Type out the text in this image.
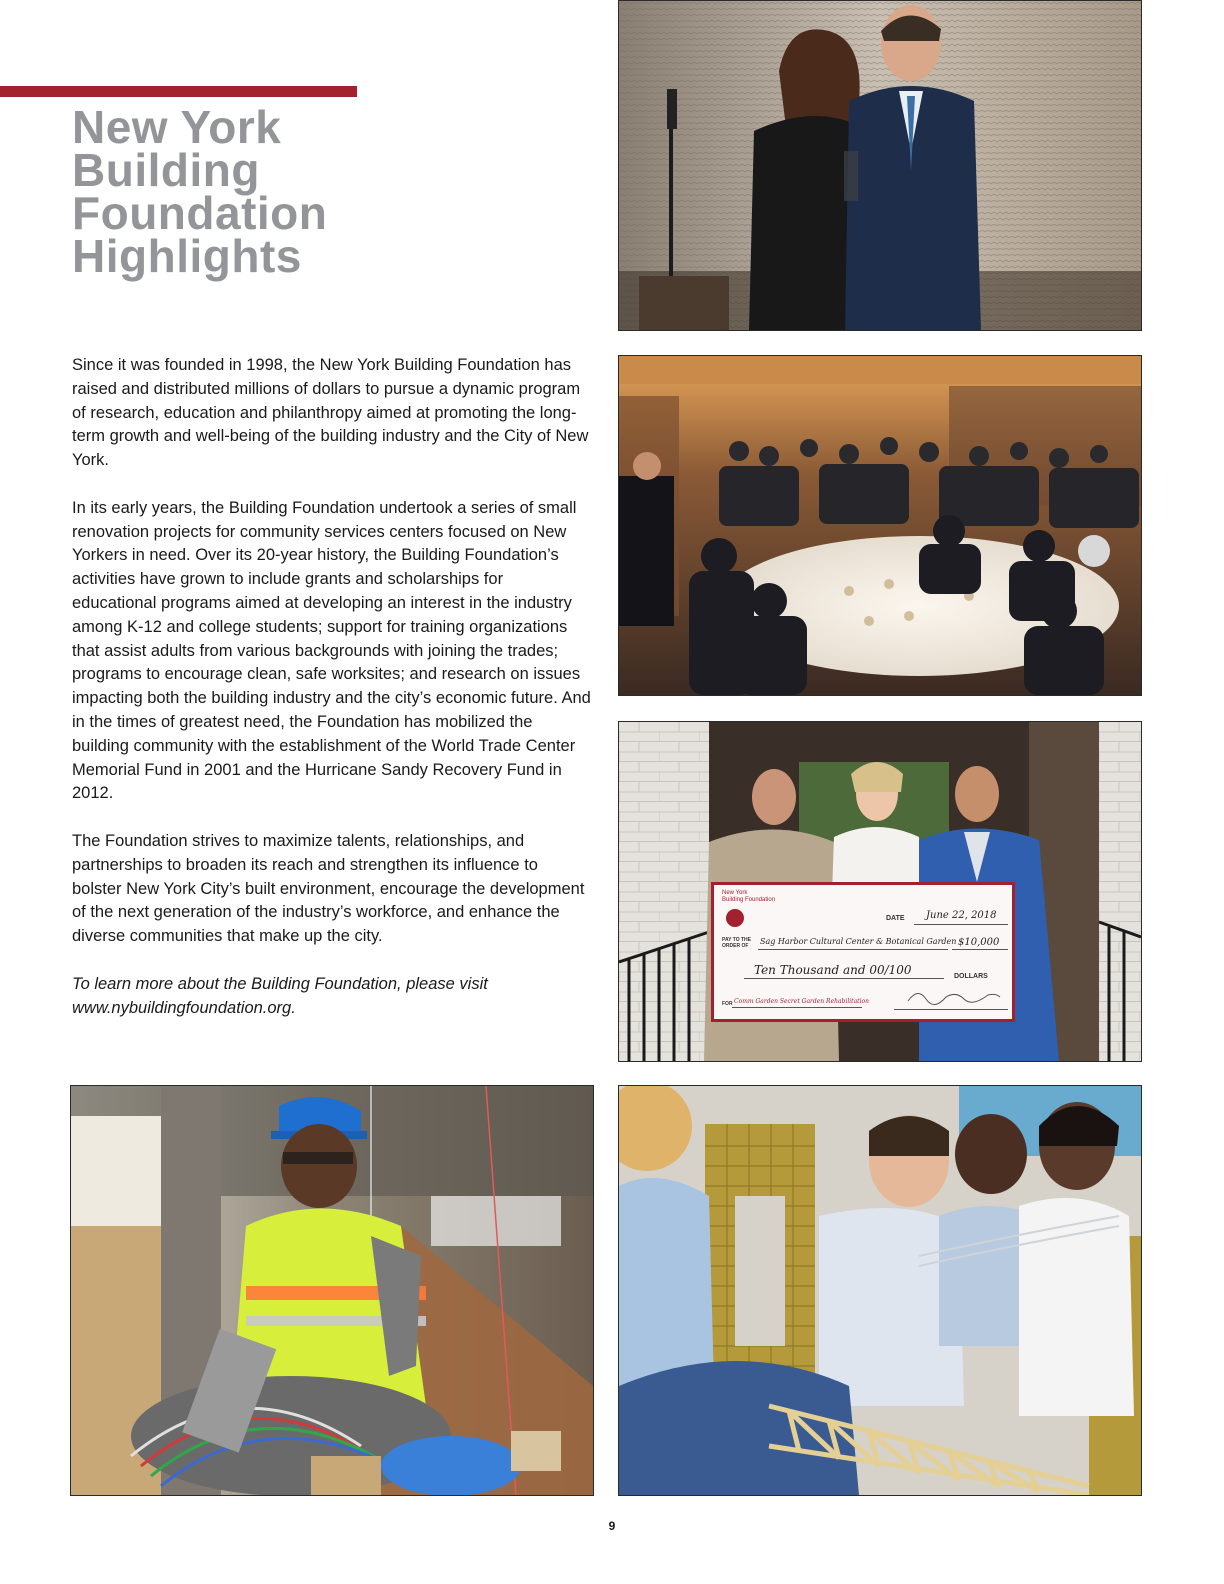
New York
Building
Foundation
Highlights

Since it was founded in 1998, the New York Building Foundation has raised and distributed millions of dollars to pursue a dynamic program of research, education and philanthropy aimed at promoting the long-term growth and well-being of the building industry and the City of New York.

In its early years, the Building Foundation undertook a series of small renovation projects for community services centers focused on New Yorkers in need. Over its 20-year history, the Building Foundation’s activities have grown to include grants and scholarships for educational programs aimed at developing an interest in the industry among K-12 and college students; support for training organizations that assist adults from various backgrounds with joining the trades; programs to encourage clean, safe worksites; and research on issues impacting both the building industry and the city’s economic future. And in the times of greatest need, the Foundation has mobilized the building community with the establishment of the World Trade Center Memorial Fund in 2001 and the Hurricane Sandy Recovery Fund in 2012.

The Foundation strives to maximize talents, relationships, and partnerships to broaden its reach and strengthen its influence to bolster New York City’s built environment, encourage the development of the next generation of the industry’s workforce, and enhance the diverse communities that make up the city.

To learn more about the Building Foundation, please visit www.nybuildingfoundation.org.

New York
Building Foundation
DATE June 22, 2018
PAY TO THE
ORDER OF	Sag Harbor Cultural Center & Botanical Garden $10,000
Ten Thousand and 00/100	DOLLARS
FOR Comm Garden Secret Garden Rehabilitation
9
